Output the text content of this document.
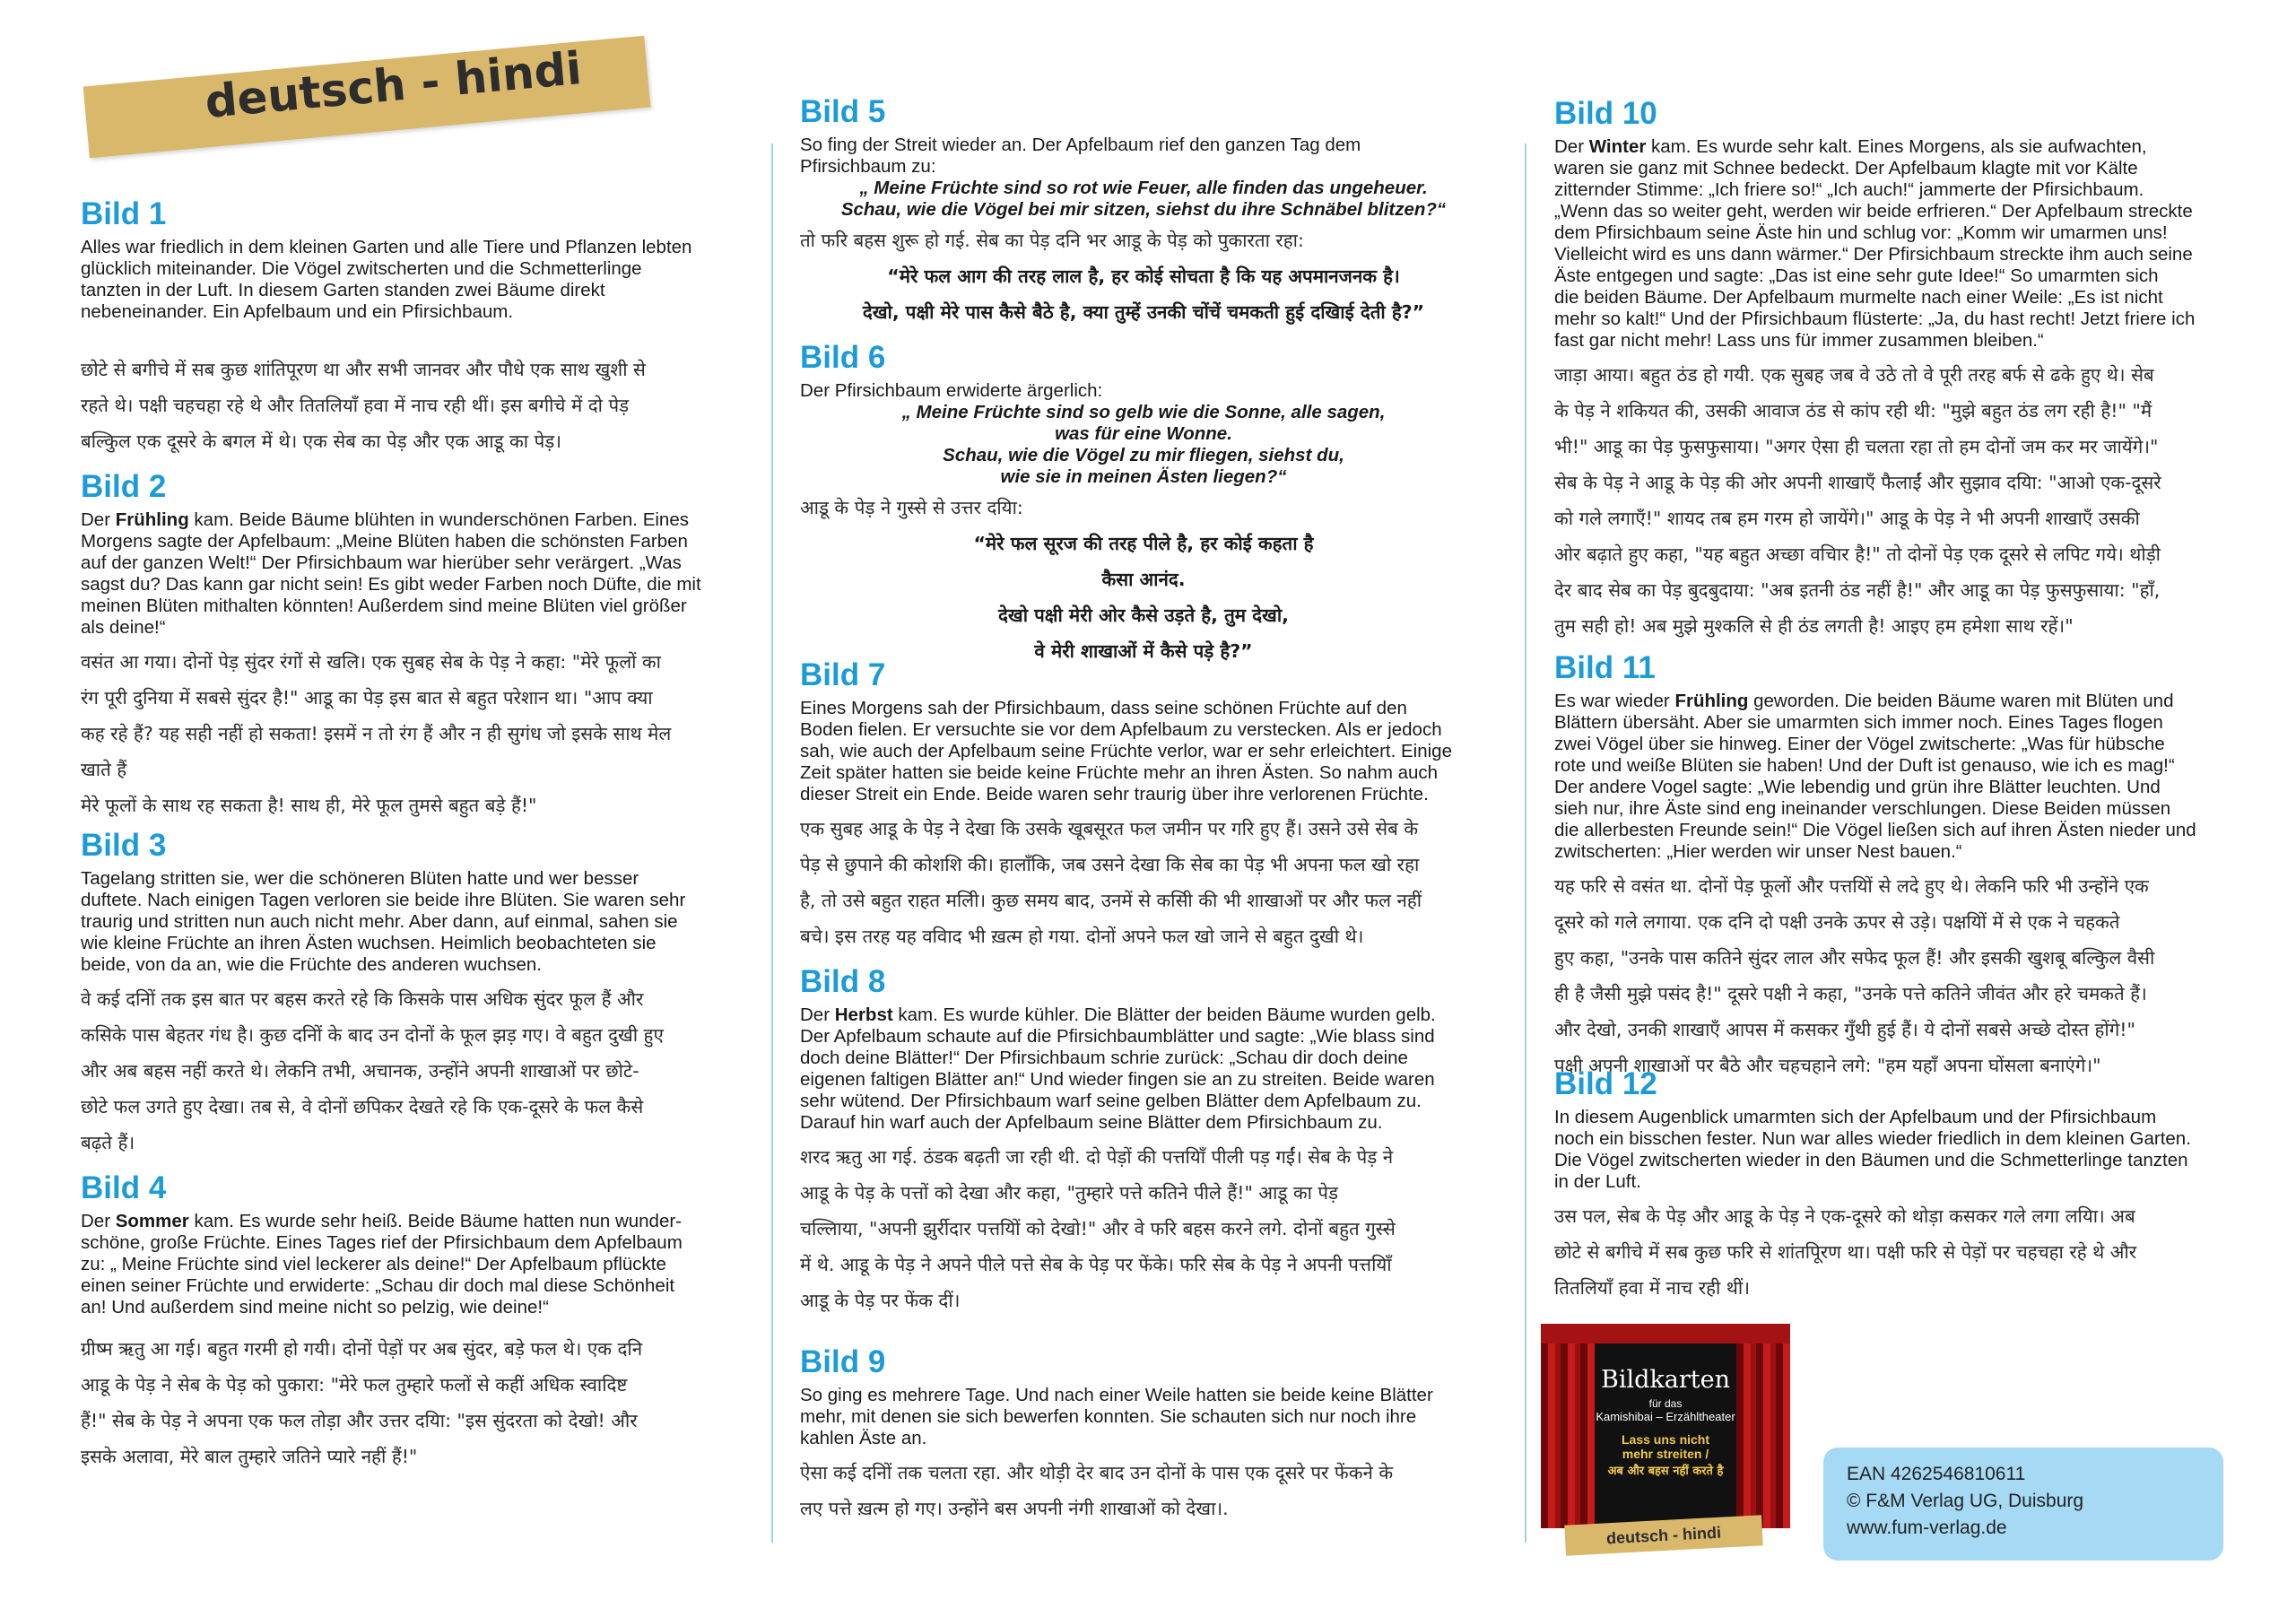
deutsch - hindi
Bild 1

Alles war friedlich in dem kleinen Garten und alle Tiere und Pflanzen lebten
glücklich miteinander. Die Vögel zwitscherten und die Schmetterlinge
tanzten in der Luft. In diesem Garten standen zwei Bäume direkt
nebeneinander. Ein Apfelbaum und ein Pfirsichbaum.

छोटे से बगीचे में सब कुछ शांतिपूरण था और सभी जानवर और पौधे एक साथ खुशी से
रहते थे। पक्षी चहचहा रहे थे और तितलियाँ हवा में नाच रही थीं। इस बगीचे में दो पेड़
बल्किुल एक दूसरे के बगल में थे। एक सेब का पेड़ और एक आडू का पेड़।

Bild 2

Der Frühling kam. Beide Bäume blühten in wunderschönen Farben. Eines
Morgens sagte der Apfelbaum: „Meine Blüten haben die schönsten Farben
auf der ganzen Welt!“ Der Pfirsichbaum war hierüber sehr verärgert. „Was
sagst du? Das kann gar nicht sein! Es gibt weder Farben noch Düfte, die mit
meinen Blüten mithalten könnten! Außerdem sind meine Blüten viel größer
als deine!“

वसंत आ गया। दोनों पेड़ सुंदर रंगों से खलि। एक सुबह सेब के पेड़ ने कहा: "मेरे फूलों का
रंग पूरी दुनिया में सबसे सुंदर है!" आडू का पेड़ इस बात से बहुत परेशान था। "आप क्या
कह रहे हैं? यह सही नहीं हो सकता! इसमें न तो रंग हैं और न ही सुगंध जो इसके साथ मेल
खाते हैं
मेरे फूलों के साथ रह सकता है! साथ ही, मेरे फूल तुमसे बहुत बड़े हैं!"

Bild 3

Tagelang stritten sie, wer die schöneren Blüten hatte und wer besser
duftete. Nach einigen Tagen verloren sie beide ihre Blüten. Sie waren sehr
traurig und stritten nun auch nicht mehr. Aber dann, auf einmal, sahen sie
wie kleine Früchte an ihren Ästen wuchsen. Heimlich beobachteten sie
beide, von da an, wie die Früchte des anderen wuchsen.

वे कई दनिों तक इस बात पर बहस करते रहे कि किसके पास अधिक सुंदर फूल हैं और
कसिके पास बेहतर गंध है। कुछ दनिों के बाद उन दोनों के फूल झड़ गए। वे बहुत दुखी हुए
और अब बहस नहीं करते थे। लेकनि तभी, अचानक, उन्होंने अपनी शाखाओं पर छोटे-
छोटे फल उगते हुए देखा। तब से, वे दोनों छपिकर देखते रहे कि एक-दूसरे के फल कैसे
बढ़ते हैं।

Bild 4

Der Sommer kam. Es wurde sehr heiß. Beide Bäume hatten nun wunder-
schöne, große Früchte. Eines Tages rief der Pfirsichbaum dem Apfelbaum
zu: „ Meine Früchte sind viel leckerer als deine!“ Der Apfelbaum pflückte
einen seiner Früchte und erwiderte: „Schau dir doch mal diese Schönheit
an! Und außerdem sind meine nicht so pelzig, wie deine!“

ग्रीष्म ऋतु आ गई। बहुत गरमी हो गयी। दोनों पेड़ों पर अब सुंदर, बड़े फल थे। एक दनि
आडू के पेड़ ने सेब के पेड़ को पुकारा: "मेरे फल तुम्हारे फलों से कहीं अधिक स्वादिष्ट
हैं!" सेब के पेड़ ने अपना एक फल तोड़ा और उत्तर दयिा: "इस सुंदरता को देखो! और
इसके अलावा, मेरे बाल तुम्हारे जतिने प्यारे नहीं हैं!"

Bild 5

So fing der Streit wieder an. Der Apfelbaum rief den ganzen Tag dem
Pfirsichbaum zu:

„ Meine Früchte sind so rot wie Feuer, alle finden das ungeheuer.
Schau, wie die Vögel bei mir sitzen, siehst du ihre Schnäbel blitzen?“

तो फरि बहस शुरू हो गई. सेब का पेड़ दनि भर आडू के पेड़ को पुकारता रहा:

“मेरे फल आग की तरह लाल है, हर कोई सोचता है कि यह अपमानजनक है।
देखो, पक्षी मेरे पास कैसे बैठे है, क्या तुम्हें उनकी चोंचें चमकती हुई दखिाई देती है?”

Bild 6

Der Pfirsichbaum erwiderte ärgerlich:

„ Meine Früchte sind so gelb wie die Sonne, alle sagen,
was für eine Wonne.
Schau, wie die Vögel zu mir fliegen, siehst du,
wie sie in meinen Ästen liegen?“

आडू के पेड़ ने गुस्से से उत्तर दयिा:

“मेरे फल सूरज की तरह पीले है, हर कोई कहता है
कैसा आनंद.
देखो पक्षी मेरी ओर कैसे उड़ते है, तुम देखो,
वे मेरी शाखाओं में कैसे पड़े है?”

Bild 7

Eines Morgens sah der Pfirsichbaum, dass seine schönen Früchte auf den
Boden fielen. Er versuchte sie vor dem Apfelbaum zu verstecken. Als er jedoch
sah, wie auch der Apfelbaum seine Früchte verlor, war er sehr erleichtert. Einige
Zeit später hatten sie beide keine Früchte mehr an ihren Ästen. So nahm auch
dieser Streit ein Ende. Beide waren sehr traurig über ihre verlorenen Früchte.

एक सुबह आडू के पेड़ ने देखा कि उसके खूबसूरत फल जमीन पर गरि हुए हैं। उसने उसे सेब के
पेड़ से छुपाने की कोशशि की। हालाँकि, जब उसने देखा कि सेब का पेड़ भी अपना फल खो रहा
है, तो उसे बहुत राहत मलिी। कुछ समय बाद, उनमें से कसिी की भी शाखाओं पर और फल नहीं
बचे। इस तरह यह ववािद भी ख़त्म हो गया. दोनों अपने फल खो जाने से बहुत दुखी थे।

Bild 8

Der Herbst kam. Es wurde kühler. Die Blätter der beiden Bäume wurden gelb.
Der Apfelbaum schaute auf die Pfirsichbaumblätter und sagte: „Wie blass sind
doch deine Blätter!“ Der Pfirsichbaum schrie zurück: „Schau dir doch deine
eigenen faltigen Blätter an!“ Und wieder fingen sie an zu streiten. Beide waren
sehr wütend. Der Pfirsichbaum warf seine gelben Blätter dem Apfelbaum zu.
Darauf hin warf auch der Apfelbaum seine Blätter dem Pfirsichbaum zu.

शरद ऋतु आ गई. ठंडक बढ़ती जा रही थी. दो पेड़ों की पत्तयिाँ पीली पड़ गईं। सेब के पेड़ ने
आडू के पेड़ के पत्तों को देखा और कहा, "तुम्हारे पत्ते कतिने पीले हैं!" आडू का पेड़
चल्लिाया, "अपनी झुर्रीदार पत्तयिों को देखो!" और वे फरि बहस करने लगे. दोनों बहुत गुस्से
में थे. आडू के पेड़ ने अपने पीले पत्ते सेब के पेड़ पर फेंके। फरि सेब के पेड़ ने अपनी पत्तयिाँ
आडू के पेड़ पर फेंक दीं।

Bild 9

So ging es mehrere Tage. Und nach einer Weile hatten sie beide keine Blätter
mehr, mit denen sie sich bewerfen konnten. Sie schauten sich nur noch ihre
kahlen Äste an.

ऐसा कई दनिों तक चलता रहा. और थोड़ी देर बाद उन दोनों के पास एक दूसरे पर फेंकने के
लए पत्ते ख़त्म हो गए। उन्होंने बस अपनी नंगी शाखाओं को देखा।.

Bild 10

Der Winter kam. Es wurde sehr kalt. Eines Morgens, als sie aufwachten,
waren sie ganz mit Schnee bedeckt. Der Apfelbaum klagte mit vor Kälte
zitternder Stimme: „Ich friere so!“ „Ich auch!“ jammerte der Pfirsichbaum.
„Wenn das so weiter geht, werden wir beide erfrieren.“ Der Apfelbaum streckte
dem Pfirsichbaum seine Äste hin und schlug vor: „Komm wir umarmen uns!
Vielleicht wird es uns dann wärmer.“ Der Pfirsichbaum streckte ihm auch seine
Äste entgegen und sagte: „Das ist eine sehr gute Idee!“ So umarmten sich
die beiden Bäume. Der Apfelbaum murmelte nach einer Weile: „Es ist nicht
mehr so kalt!“ Und der Pfirsichbaum flüsterte: „Ja, du hast recht! Jetzt friere ich
fast gar nicht mehr! Lass uns für immer zusammen bleiben.“

जाड़ा आया। बहुत ठंड हो गयी. एक सुबह जब वे उठे तो वे पूरी तरह बर्फ से ढके हुए थे। सेब
के पेड़ ने शकियत की, उसकी आवाज ठंड से कांप रही थी: "मुझे बहुत ठंड लग रही है!" "मैं
भी!" आडू का पेड़ फुसफुसाया। "अगर ऐसा ही चलता रहा तो हम दोनों जम कर मर जायेंगे।"
सेब के पेड़ ने आडू के पेड़ की ओर अपनी शाखाएँ फैलाईं और सुझाव दयिा: "आओ एक-दूसरे
को गले लगाएँ!" शायद तब हम गरम हो जायेंगे।" आडू के पेड़ ने भी अपनी शाखाएँ उसकी
ओर बढ़ाते हुए कहा, "यह बहुत अच्छा वचिार है!" तो दोनों पेड़ एक दूसरे से लपिट गये। थोड़ी
देर बाद सेब का पेड़ बुदबुदाया: "अब इतनी ठंड नहीं है!" और आडू का पेड़ फुसफुसाया: "हाँ,
तुम सही हो! अब मुझे मुश्कलि से ही ठंड लगती है! आइए हम हमेशा साथ रहें।"

Bild 11

Es war wieder Frühling geworden. Die beiden Bäume waren mit Blüten und
Blättern übersäht. Aber sie umarmten sich immer noch. Eines Tages flogen
zwei Vögel über sie hinweg. Einer der Vögel zwitscherte: „Was für hübsche
rote und weiße Blüten sie haben! Und der Duft ist genauso, wie ich es mag!“
Der andere Vogel sagte: „Wie lebendig und grün ihre Blätter leuchten. Und
sieh nur, ihre Äste sind eng ineinander verschlungen. Diese Beiden müssen
die allerbesten Freunde sein!“ Die Vögel ließen sich auf ihren Ästen nieder und
zwitscherten: „Hier werden wir unser Nest bauen.“

यह फरि से वसंत था. दोनों पेड़ फूलों और पत्तयिों से लदे हुए थे। लेकनि फरि भी उन्होंने एक
दूसरे को गले लगाया. एक दनि दो पक्षी उनके ऊपर से उड़े। पक्षयिों में से एक ने चहकते
हुए कहा, "उनके पास कतिने सुंदर लाल और सफेद फूल हैं! और इसकी खुशबू बल्किुल वैसी
ही है जैसी मुझे पसंद है!" दूसरे पक्षी ने कहा, "उनके पत्ते कतिने जीवंत और हरे चमकते हैं।
और देखो, उनकी शाखाएँ आपस में कसकर गुँथी हुई हैं। ये दोनों सबसे अच्छे दोस्त होंगे!"
पक्षी अपनी शाखाओं पर बैठे और चहचहाने लगे: "हम यहाँ अपना घोंसला बनाएंगे।"

Bild 12

In diesem Augenblick umarmten sich der Apfelbaum und der Pfirsichbaum
noch ein bisschen fester. Nun war alles wieder friedlich in dem kleinen Garten.
Die Vögel zwitscherten wieder in den Bäumen und die Schmetterlinge tanzten
in der Luft.

उस पल, सेब के पेड़ और आडू के पेड़ ने एक-दूसरे को थोड़ा कसकर गले लगा लयिा। अब
छोटे से बगीचे में सब कुछ फरि से शांतपूिरण था। पक्षी फरि से पेड़ों पर चहचहा रहे थे और
तितलियाँ हवा में नाच रही थीं।

Bildkarten
für das
Kamishibai – Erzähltheater
Lass uns nicht
mehr streiten /
अब और बहस नहीं करते है
deutsch - hindi
EAN 4262546810611
© F&M Verlag UG, Duisburg
www.fum-verlag.de
